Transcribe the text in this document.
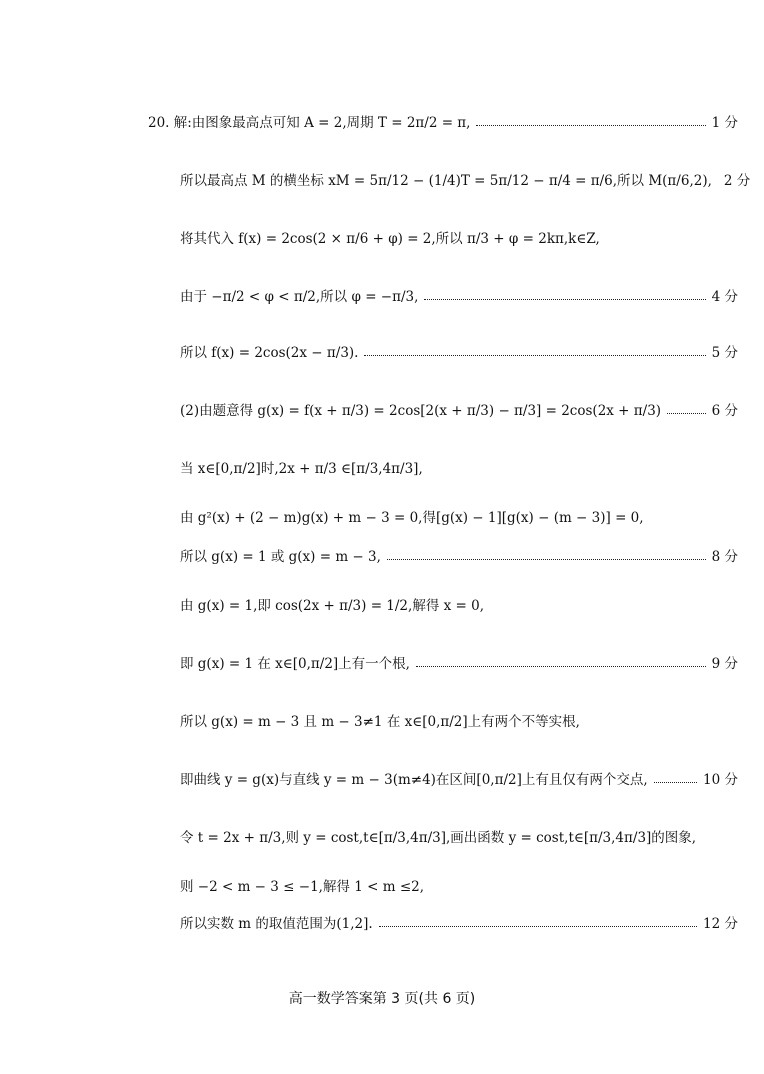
20. 解:由图象最高点可知 A = 2,周期 T = 2π/2 = π,	1 分
所以最高点 M 的横坐标 xM = 5π/12 − (1/4)T = 5π/12 − π/4 = π/6,所以 M(π/6,2), 2 分
将其代入 f(x) = 2cos(2 × π/6 + φ) = 2,所以 π/3 + φ = 2kπ,k∈Z,
由于 −π/2 < φ < π/2,所以 φ = −π/3,	4 分
所以 f(x) = 2cos(2x − π/3).	5 分
(2)由题意得 g(x) = f(x + π/3) = 2cos[2(x + π/3) − π/3] = 2cos(2x + π/3)	6 分
当 x∈[0,π/2]时,2x + π/3 ∈[π/3,4π/3],
由 g²(x) + (2 − m)g(x) + m − 3 = 0,得[g(x) − 1][g(x) − (m − 3)] = 0,
所以 g(x) = 1 或 g(x) = m − 3,	8 分
由 g(x) = 1,即 cos(2x + π/3) = 1/2,解得 x = 0,
即 g(x) = 1 在 x∈[0,π/2]上有一个根,	9 分
所以 g(x) = m − 3 且 m − 3≠1 在 x∈[0,π/2]上有两个不等实根,
即曲线 y = g(x)与直线 y = m − 3(m≠4)在区间[0,π/2]上有且仅有两个交点,	10 分
令 t = 2x + π/3,则 y = cost,t∈[π/3,4π/3],画出函数 y = cost,t∈[π/3,4π/3]的图象,
则 −2 < m − 3 ≤ −1,解得 1 < m ≤2,
所以实数 m 的取值范围为(1,2].	12 分
高一数学答案第 3 页(共 6 页)
